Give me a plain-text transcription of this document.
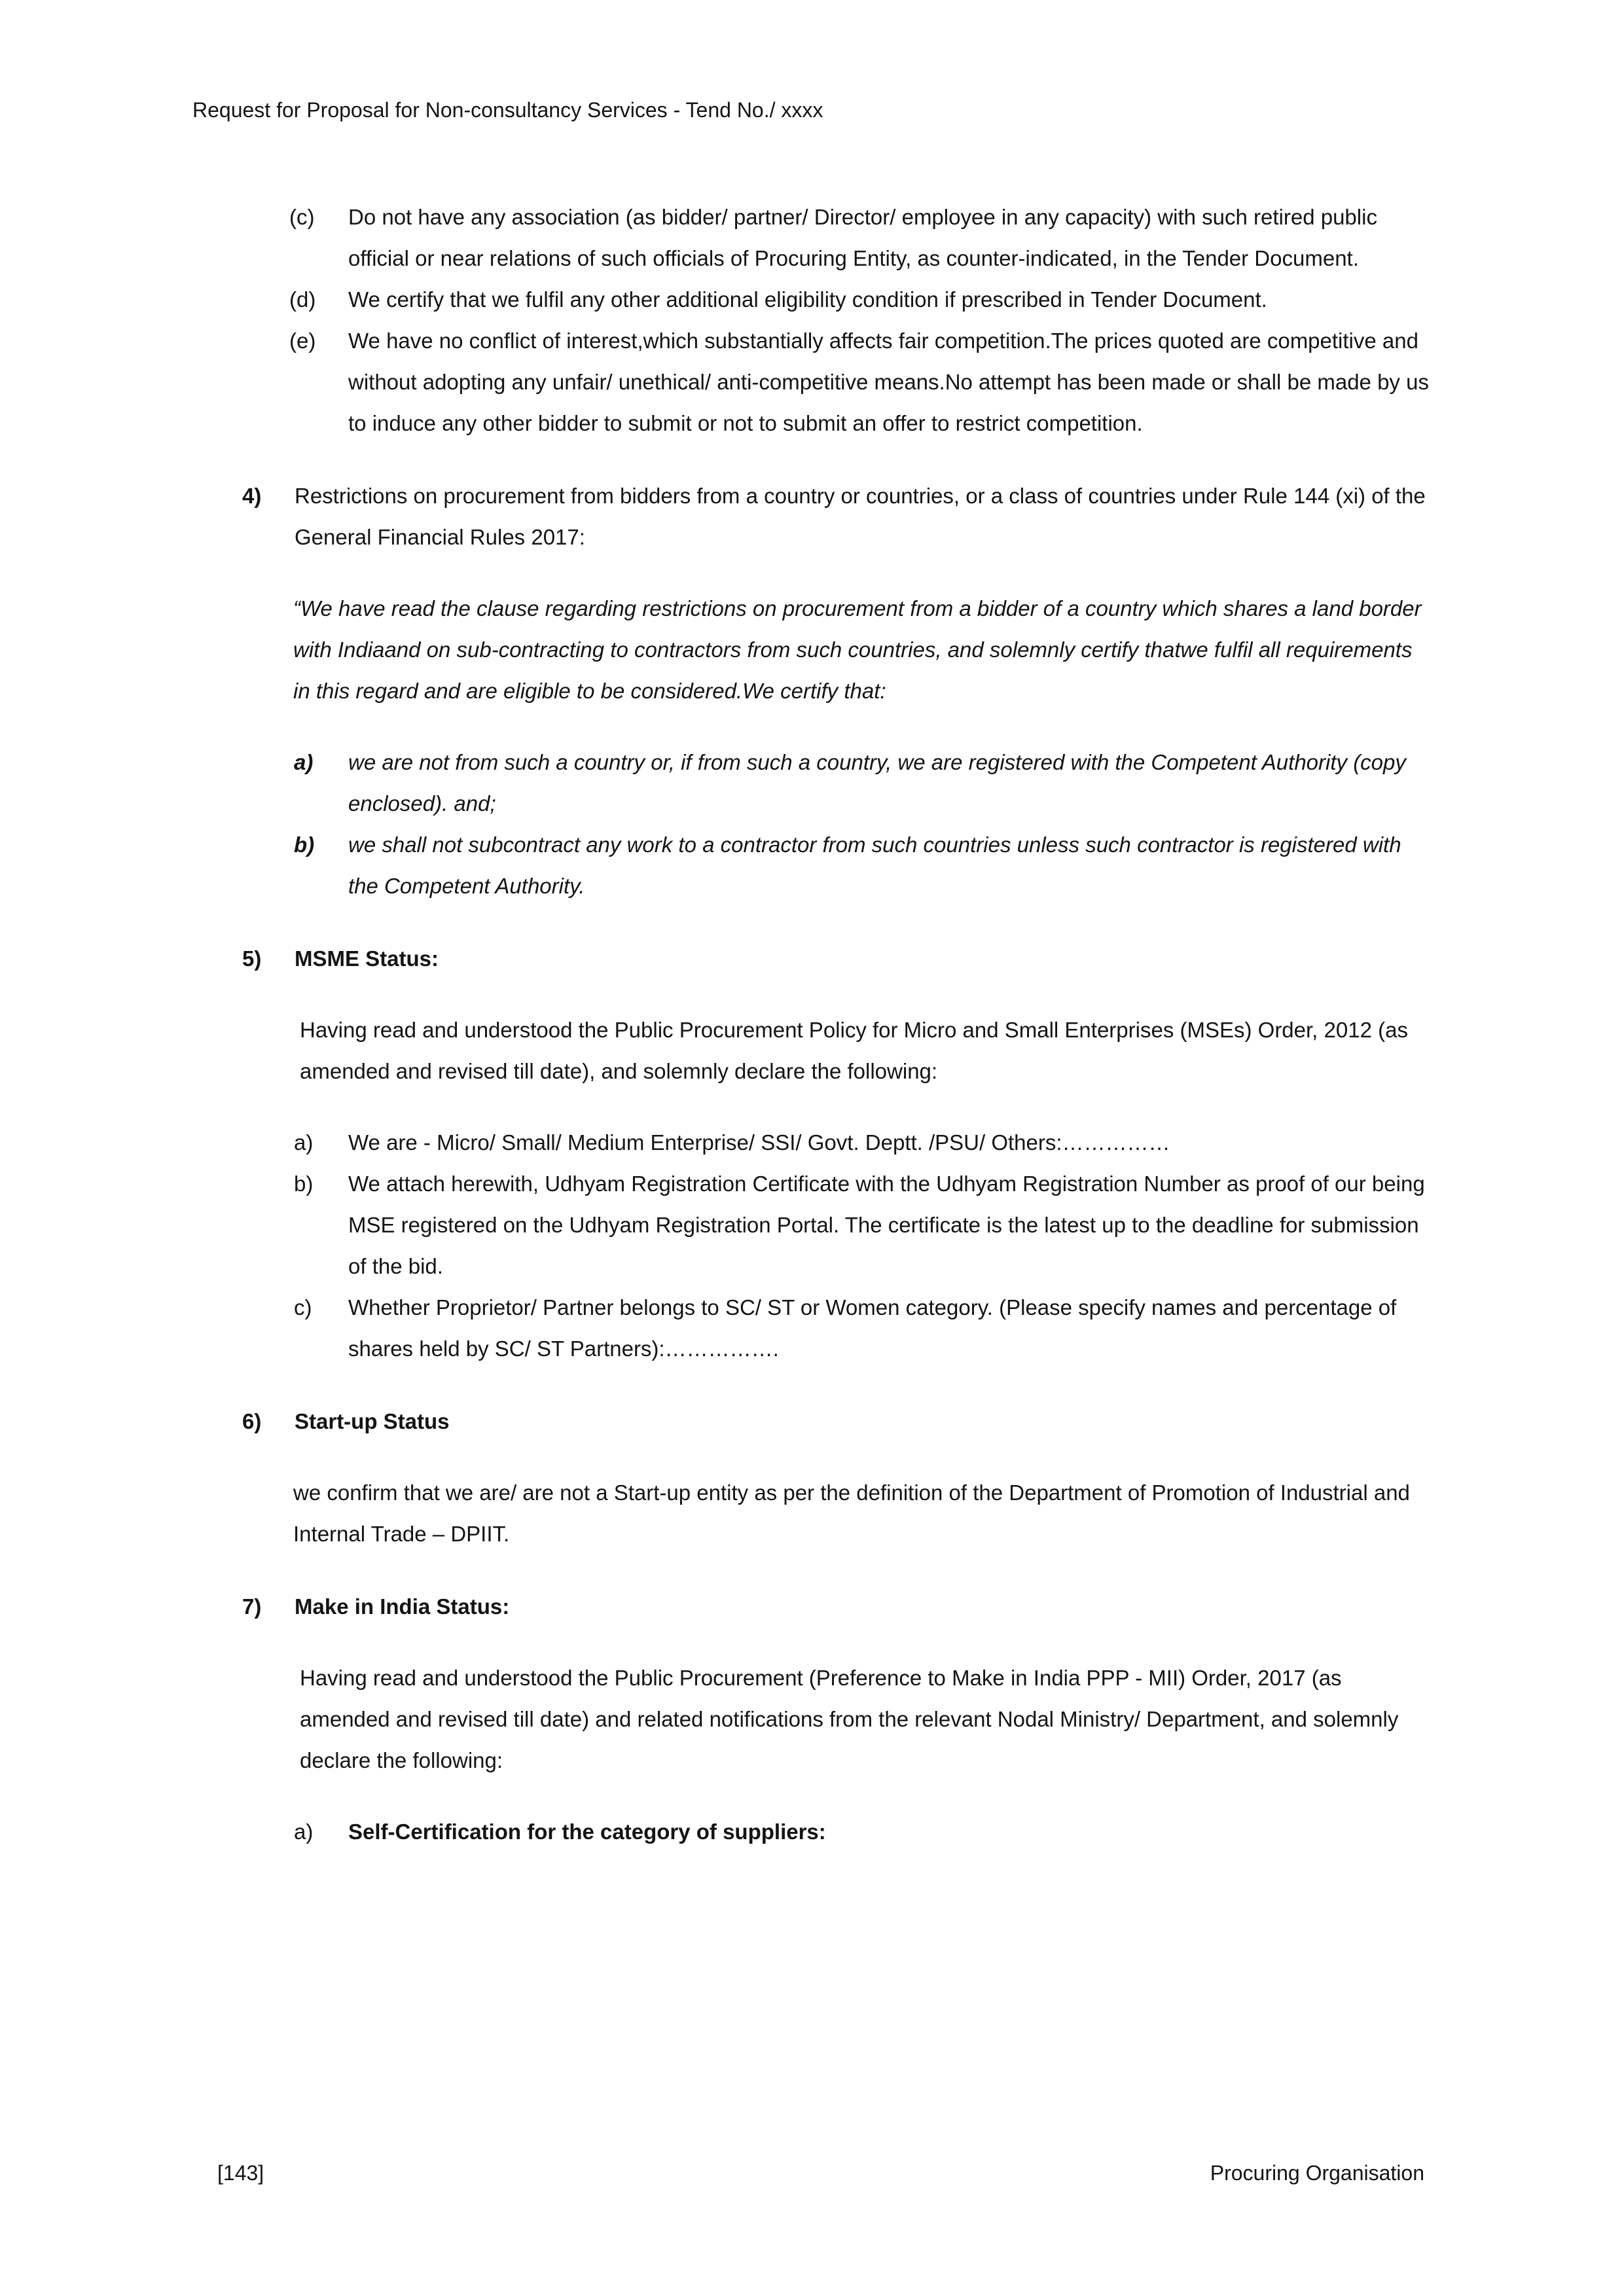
Request for Proposal for Non-consultancy Services - Tend No./ xxxx
(c)	Do not have any association (as bidder/ partner/ Director/ employee in any capacity) with such retired public official or near relations of such officials of Procuring Entity, as counter-indicated, in the Tender Document.
(d)	We certify that we fulfil any other additional eligibility condition if prescribed in Tender Document.
(e)	We have no conflict of interest,which substantially affects fair competition.The prices quoted are competitive and without adopting any unfair/ unethical/ anti-competitive means.No attempt has been made or shall be made by us to induce any other bidder to submit or not to submit an offer to restrict competition.
4)	Restrictions on procurement from bidders from a country or countries, or a class of countries under Rule 144 (xi) of the General Financial Rules 2017:

“We have read the clause regarding restrictions on procurement from a bidder of a country which shares a land border with Indiaand on sub-contracting to contractors from such countries, and solemnly certify thatwe fulfil all requirements in this regard and are eligible to be considered.We certify that:

a)	we are not from such a country or, if from such a country, we are registered with the Competent Authority (copy enclosed). and;
b)	we shall not subcontract any work to a contractor from such countries unless such contractor is registered with the Competent Authority.
5)	MSME Status:

Having read and understood the Public Procurement Policy for Micro and Small Enterprises (MSEs) Order, 2012 (as amended and revised till date), and solemnly declare the following:

a)	We are - Micro/ Small/ Medium Enterprise/ SSI/ Govt. Deptt. /PSU/ Others:……………
b)	We attach herewith, Udhyam Registration Certificate with the Udhyam Registration Number as proof of our being MSE registered on the Udhyam Registration Portal. The certificate is the latest up to the deadline for submission of the bid.
c)	Whether Proprietor/ Partner belongs to SC/ ST or Women category. (Please specify names and percentage of shares held by SC/ ST Partners):…………….
6)	Start-up Status

we confirm that we are/ are not a Start-up entity as per the definition of the Department of Promotion of Industrial and Internal Trade – DPIIT.

7)	Make in India Status:

Having read and understood the Public Procurement (Preference to Make in India PPP - MII) Order, 2017 (as amended and revised till date) and related notifications from the relevant Nodal Ministry/ Department, and solemnly declare the following:

a)	Self-Certification for the category of suppliers:
[143]	Procuring Organisation
